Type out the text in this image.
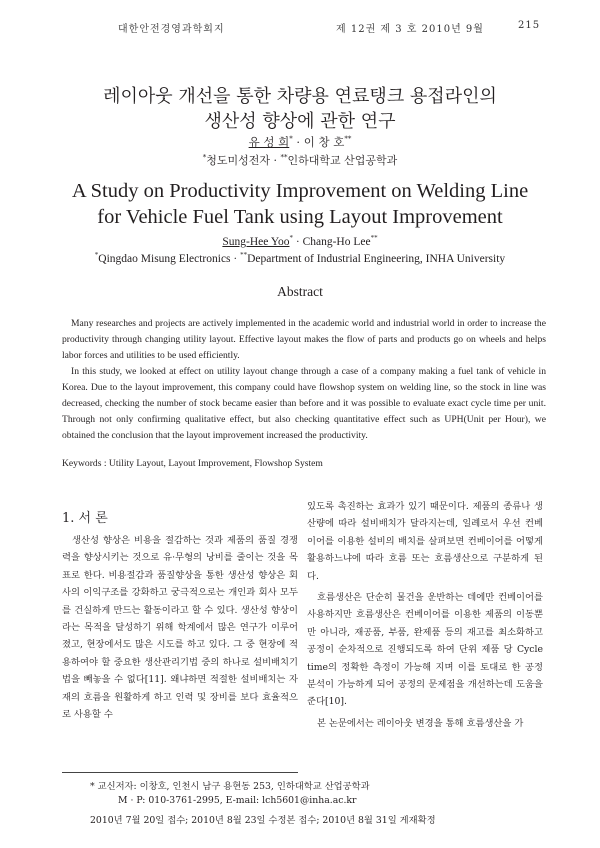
대한안전경영과학회지	제 12권 제 3 호 2010년 9월	215
레이아웃 개선을 통한 차량용 연료탱크 용접라인의
생산성 향상에 관한 연구
유 성 희* · 이 창 호**
*청도미성전자 · **인하대학교 산업공학과
A Study on Productivity Improvement on Welding Line
for Vehicle Fuel Tank using Layout Improvement
Sung-Hee Yoo* · Chang-Ho Lee**
*Qingdao Misung Electronics · **Department of Industrial Engineering, INHA University
Abstract

Many researches and projects are actively implemented in the academic world and industrial world in order to increase the productivity through changing utility layout. Effective layout makes the flow of parts and products go on wheels and helps labor forces and utilities to be used efficiently.

In this study, we looked at effect on utility layout change through a case of a company making a fuel tank of vehicle in Korea. Due to the layout improvement, this company could have flowshop system on welding line, so the stock in line was decreased, checking the number of stock became easier than before and it was possible to evaluate exact cycle time per unit. Through not only confirming qualitative effect, but also checking quantitative effect such as UPH(Unit per Hour), we obtained the conclusion that the layout improvement increased the productivity.

Keywords : Utility Layout, Layout Improvement, Flowshop System
1. 서 론

생산성 향상은 비용을 절감하는 것과 제품의 품질 경쟁력을 향상시키는 것으로 유·무형의 낭비를 줄이는 것을 목표로 한다. 비용절감과 품질향상을 통한 생산성 향상은 회사의 이익구조를 강화하고 궁극적으로는 개인과 회사 모두를 건실하게 만드는 활동이라고 할 수 있다. 생산성 향상이라는 목적을 달성하기 위해 학계에서 많은 연구가 이루어 졌고, 현장에서도 많은 시도를 하고 있다. 그 중 현장에 적용하여야 할 중요한 생산관리기법 중의 하나로 설비배치기법을 빼놓을 수 없다[11]. 왜냐하면 적절한 설비배치는 자재의 흐름을 원활하게 하고 인력 및 장비를 보다 효율적으로 사용할 수

있도록 촉진하는 효과가 있기 때문이다. 제품의 종류나 생산량에 따라 설비배치가 달라지는데, 일례로서 우선 컨베이어를 이용한 설비의 배치를 살펴보면 컨베이어를 어떻게 활용하느냐에 따라 흐름 또는 흐름생산으로 구분하게 된다.

흐름생산은 단순히 물건을 운반하는 데에만 컨베이어를 사용하지만 흐름생산은 컨베이어를 이용한 제품의 이동뿐만 아니라, 재공품, 부품, 완제품 등의 재고를 최소화하고 공정이 순차적으로 진행되도록 하여 단위 제품 당 Cycle time의 정확한 측정이 가능해 지며 이를 토대로 한 공정 분석이 가능하게 되어 공정의 문제점을 개선하는데 도움을 준다[10].

본 논문에서는 레이아웃 변경을 통해 흐름생산을 가

* 교신저자: 이창호, 인천시 남구 용현동 253, 인하대학교 산업공학과
M · P: 010-3761-2995, E-mail: lch5601@inha.ac.kr
2010년 7월 20일 접수; 2010년 8월 23일 수정본 접수; 2010년 8월 31일 게재확정
